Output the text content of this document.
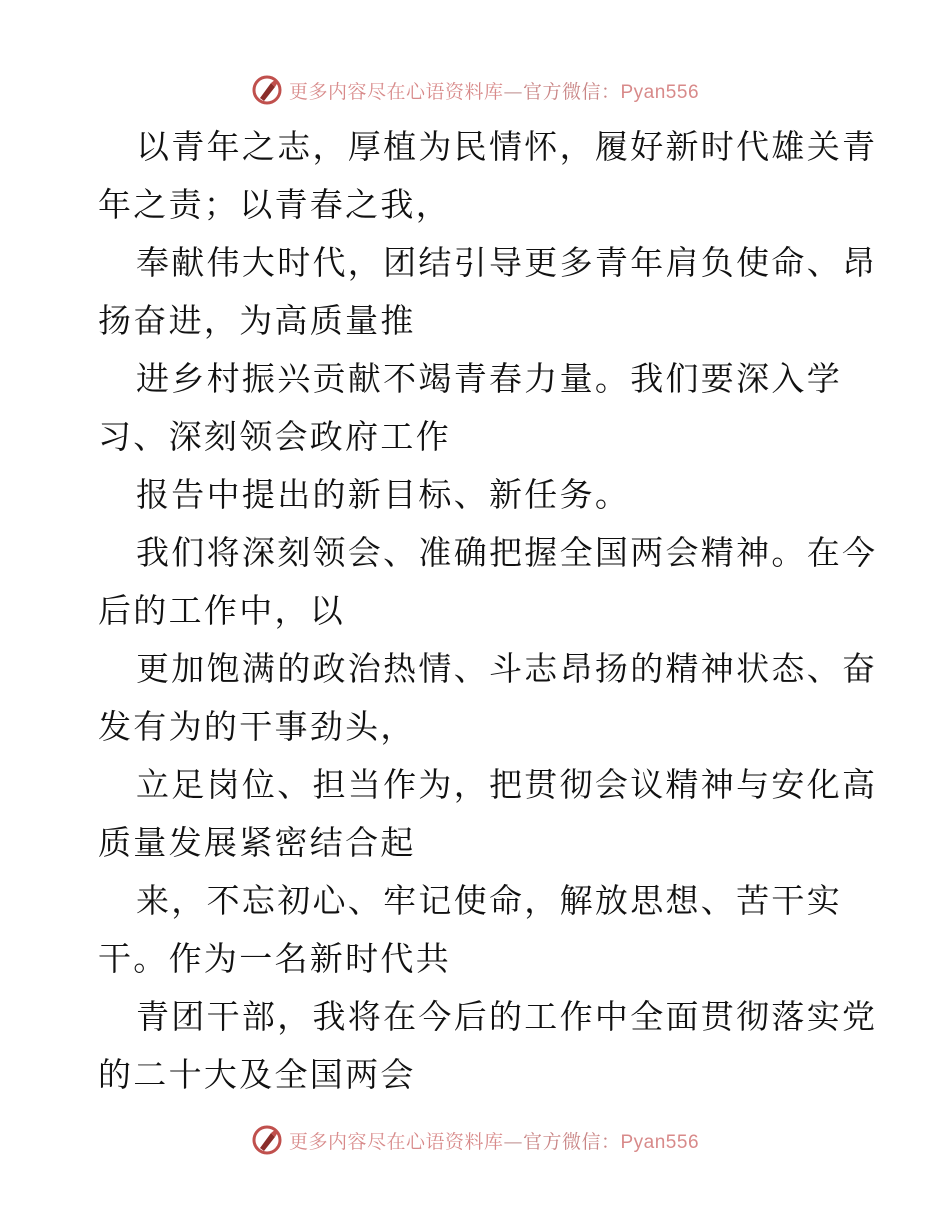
更多内容尽在心语资料库—官方微信：Pyan556
以青年之志，厚植为民情怀，履好新时代雄关青
年之责；以青春之我，
奉献伟大时代，团结引导更多青年肩负使命、昂
扬奋进，为高质量推
进乡村振兴贡献不竭青春力量。我们要深入学
习、深刻领会政府工作
报告中提出的新目标、新任务。
我们将深刻领会、准确把握全国两会精神。在今
后的工作中，以
更加饱满的政治热情、斗志昂扬的精神状态、奋
发有为的干事劲头，
立足岗位、担当作为，把贯彻会议精神与安化高
质量发展紧密结合起
来，不忘初心、牢记使命，解放思想、苦干实
干。作为一名新时代共
青团干部，我将在今后的工作中全面贯彻落实党
的二十大及全国两会
更多内容尽在心语资料库—官方微信：Pyan556
